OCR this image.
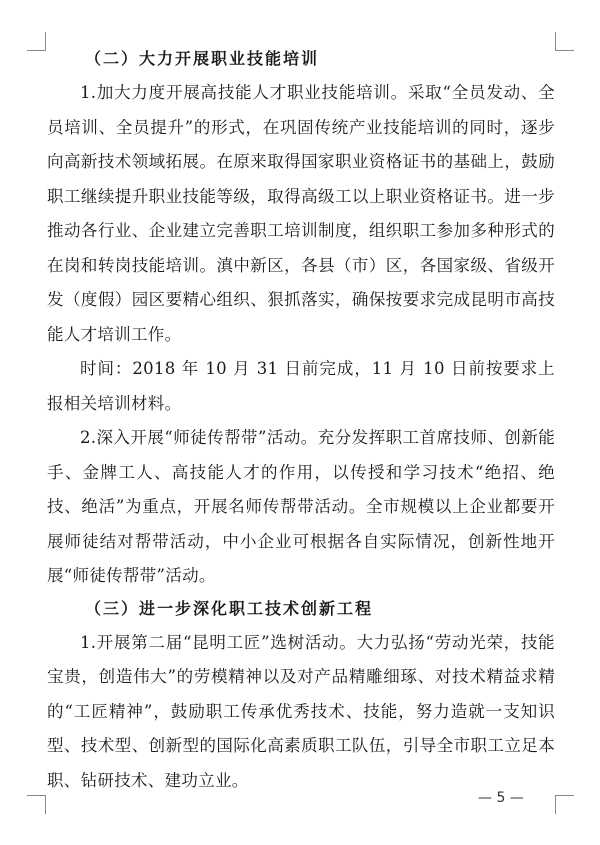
（二）大力开展职业技能培训

1.加大力度开展高技能人才职业技能培训。采取“全员发动、全员培训、全员提升”的形式，在巩固传统产业技能培训的同时，逐步向高新技术领域拓展。在原来取得国家职业资格证书的基础上，鼓励职工继续提升职业技能等级，取得高级工以上职业资格证书。进一步推动各行业、企业建立完善职工培训制度，组织职工参加多种形式的在岗和转岗技能培训。滇中新区，各县（市）区，各国家级、省级开发（度假）园区要精心组织、狠抓落实，确保按要求完成昆明市高技能人才培训工作。

时间：2018 年 10 月 31 日前完成，11 月 10 日前按要求上报相关培训材料。

2.深入开展“师徒传帮带”活动。充分发挥职工首席技师、创新能手、金牌工人、高技能人才的作用，以传授和学习技术“绝招、绝技、绝活”为重点，开展名师传帮带活动。全市规模以上企业都要开展师徒结对帮带活动，中小企业可根据各自实际情况，创新性地开展“师徒传帮带”活动。

（三）进一步深化职工技术创新工程

1.开展第二届“昆明工匠”选树活动。大力弘扬“劳动光荣，技能宝贵，创造伟大”的劳模精神以及对产品精雕细琢、对技术精益求精的“工匠精神”，鼓励职工传承优秀技术、技能，努力造就一支知识型、技术型、创新型的国际化高素质职工队伍，引导全市职工立足本职、钻研技术、建功立业。

— 5 —
